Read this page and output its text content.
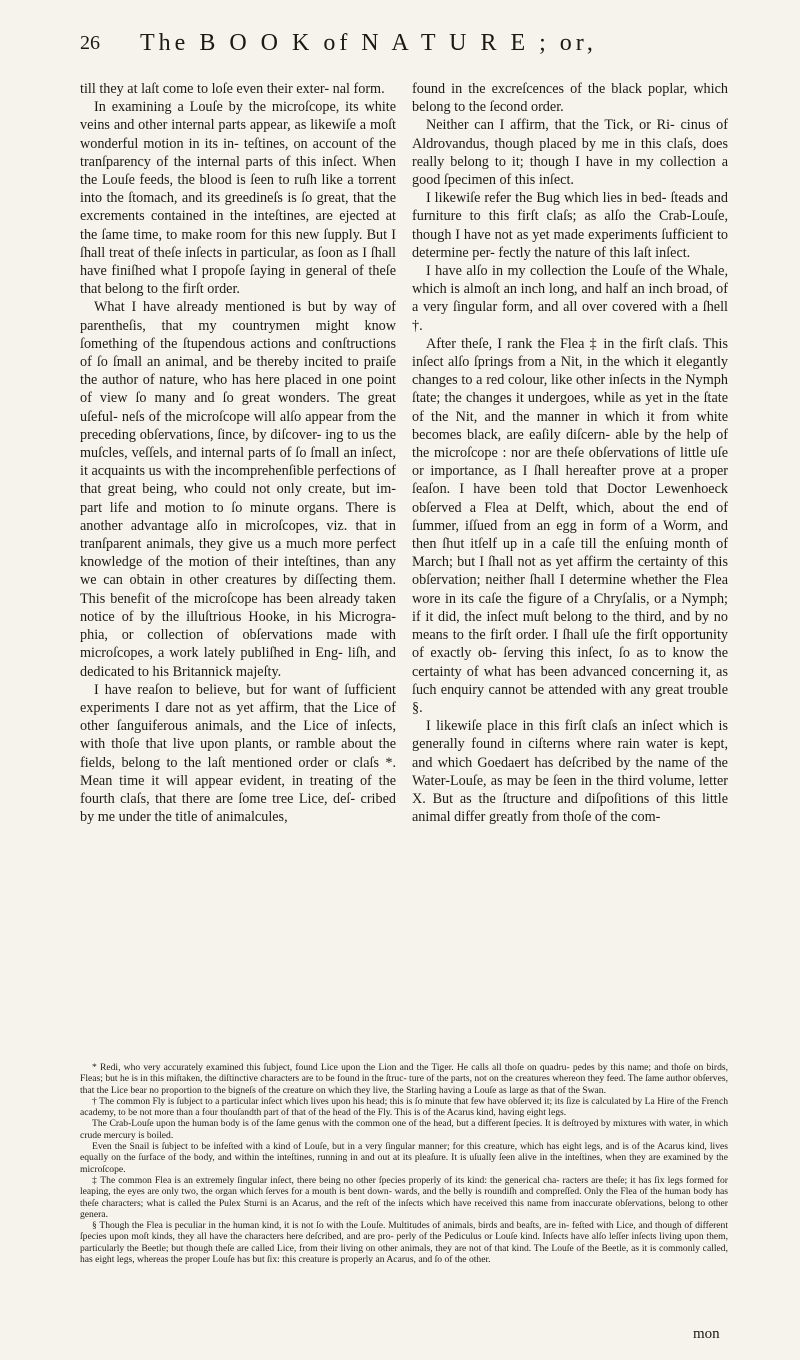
26 The B O O K of N A T U R E ; or,

till they at laſt come to loſe even their exter- nal form.

In examining a Louſe by the microſcope, its white veins and other internal parts appear, as likewiſe a moſt wonderful motion in its in- teſtines, on account of the tranſparency of the internal parts of this inſect. When the Louſe feeds, the blood is ſeen to ruſh like a torrent into the ſtomach, and its greedineſs is ſo great, that the excrements contained in the inteſtines, are ejected at the ſame time, to make room for this new ſupply. But I ſhall treat of theſe inſects in particular, as ſoon as I ſhall have finiſhed what I propoſe ſaying in general of theſe that belong to the firſt order.

What I have already mentioned is but by way of parentheſis, that my countrymen might know ſomething of the ſtupendous actions and conſtructions of ſo ſmall an animal, and be thereby incited to praiſe the author of nature, who has here placed in one point of view ſo many and ſo great wonders. The great uſeful- neſs of the microſcope will alſo appear from the preceding obſervations, ſince, by diſcover- ing to us the muſcles, veſſels, and internal parts of ſo ſmall an inſect, it acquaints us with the incomprehenſible perfections of that great being, who could not only create, but im- part life and motion to ſo minute organs. There is another advantage alſo in microſcopes, viz. that in tranſparent animals, they give us a much more perfect knowledge of the motion of their inteſtines, than any we can obtain in other creatures by diſſecting them. This benefit of the microſcope has been already taken notice of by the illuſtrious Hooke, in his Microgra- phia, or collection of obſervations made with microſcopes, a work lately publiſhed in Eng- liſh, and dedicated to his Britannick majeſty.

I have reaſon to believe, but for want of ſufficient experiments I dare not as yet affirm, that the Lice of other ſanguiferous animals, and the Lice of inſects, with thoſe that live upon plants, or ramble about the fields, belong to the laſt mentioned order or claſs *. Mean time it will appear evident, in treating of the fourth claſs, that there are ſome tree Lice, deſ- cribed by me under the title of animalcules,

found in the excreſcences of the black poplar, which belong to the ſecond order.

Neither can I affirm, that the Tick, or Ri- cinus of Aldrovandus, though placed by me in this claſs, does really belong to it; though I have in my collection a good ſpecimen of this inſect.

I likewiſe refer the Bug which lies in bed- ſteads and furniture to this firſt claſs; as alſo the Crab-Louſe, though I have not as yet made experiments ſufficient to determine per- fectly the nature of this laſt inſect.

I have alſo in my collection the Louſe of the Whale, which is almoſt an inch long, and half an inch broad, of a very ſingular form, and all over covered with a ſhell †.

After theſe, I rank the Flea ‡ in the firſt claſs. This inſect alſo ſprings from a Nit, in the which it elegantly changes to a red colour, like other inſects in the Nymph ſtate; the changes it undergoes, while as yet in the ſtate of the Nit, and the manner in which it from white becomes black, are eaſily diſcern- able by the help of the microſcope : nor are theſe obſervations of little uſe or importance, as I ſhall hereafter prove at a proper ſeaſon. I have been told that Doctor Lewenhoeck obſerved a Flea at Delft, which, about the end of ſummer, iſſued from an egg in form of a Worm, and then ſhut itſelf up in a caſe till the enſuing month of March; but I ſhall not as yet affirm the certainty of this obſervation; neither ſhall I determine whether the Flea wore in its caſe the figure of a Chryſalis, or a Nymph; if it did, the inſect muſt belong to the third, and by no means to the firſt order. I ſhall uſe the firſt opportunity of exactly ob- ſerving this inſect, ſo as to know the certainty of what has been advanced concerning it, as ſuch enquiry cannot be attended with any great trouble §.

I likewiſe place in this firſt claſs an inſect which is generally found in ciſterns where rain water is kept, and which Goedaert has deſcribed by the name of the Water-Louſe, as may be ſeen in the third volume, letter X. But as the ſtructure and diſpoſitions of this little animal differ greatly from thoſe of the com-

* Redi, who very accurately examined this ſubject, found Lice upon the Lion and the Tiger. He calls all thoſe on quadru- pedes by this name; and thoſe on birds, Fleas; but he is in this miſtaken, the diſtinctive characters are to be found in the ſtruc- ture of the parts, not on the creatures whereon they feed. The ſame author obſerves, that the Lice bear no proportion to the bigneſs of the creature on which they live, the Starling having a Louſe as large as that of the Swan.

† The common Fly is ſubject to a particular inſect which lives upon his head; this is ſo minute that few have obſerved it; its ſize is calculated by La Hire of the French academy, to be not more than a four thouſandth part of that of the head of the Fly. This is of the Acarus kind, having eight legs.

The Crab-Louſe upon the human body is of the ſame genus with the common one of the head, but a different ſpecies. It is deſtroyed by mixtures with water, in which crude mercury is boiled.

Even the Snail is ſubject to be infeſted with a kind of Louſe, but in a very ſingular manner; for this creature, which has eight legs, and is of the Acarus kind, lives equally on the ſurface of the body, and within the inteſtines, running in and out at its pleaſure. It is uſually ſeen alive in the inteſtines, when they are examined by the microſcope.

‡ The common Flea is an extremely ſingular inſect, there being no other ſpecies properly of its kind: the generical cha- racters are theſe; it has ſix legs formed for leaping, the eyes are only two, the organ which ſerves for a mouth is bent down- wards, and the belly is roundiſh and compreſſed. Only the Flea of the human body has theſe characters; what is called the Pulex Sturni is an Acarus, and the reſt of the inſects which have received this name from inaccurate obſervations, belong to other genera.

§ Though the Flea is peculiar in the human kind, it is not ſo with the Louſe. Multitudes of animals, birds and beaſts, are in- feſted with Lice, and though of different ſpecies upon moſt kinds, they all have the characters here deſcribed, and are pro- perly of the Pediculus or Louſe kind. Inſects have alſo leſſer inſects living upon them, particularly the Beetle; but though theſe are called Lice, from their living on other animals, they are not of that kind. The Louſe of the Beetle, as it is commonly called, has eight legs, whereas the proper Louſe has but ſix: this creature is properly an Acarus, and ſo of the other.

mon
